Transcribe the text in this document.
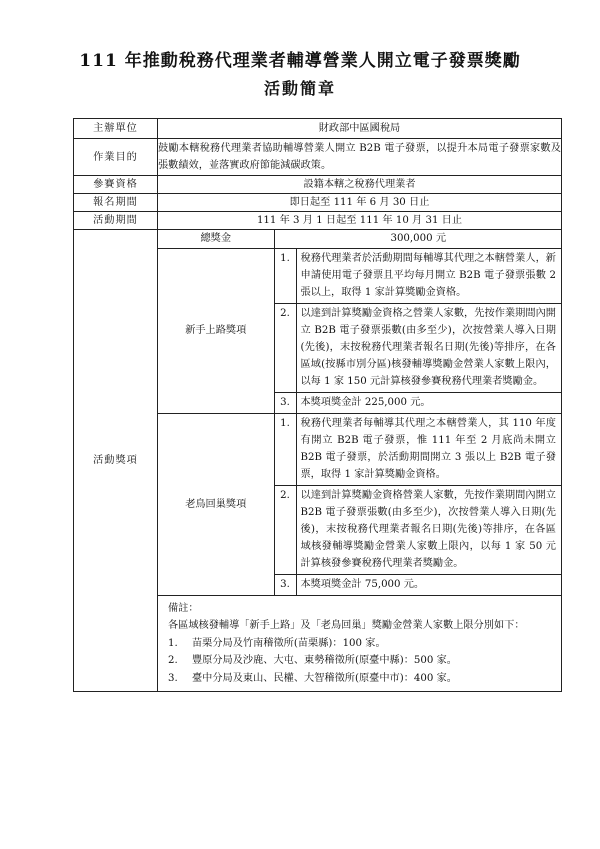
111 年推動稅務代理業者輔導營業人開立電子發票獎勵
活動簡章
主辦單位	財政部中區國稅局
作業目的	鼓勵本轄稅務代理業者協助輔導營業人開立 B2B 電子發票，以提升本局電子發票家數及張數績效，並落實政府節能減碳政策。
參賽資格	設籍本轄之稅務代理業者
報名期間	即日起至 111 年 6 月 30 日止
活動期間	111 年 3 月 1 日起至 111 年 10 月 31 日止
活動獎項	
總獎金	300,000 元
新手上路獎項	1.	稅務代理業者於活動期間每輔導其代理之本轄營業人，新申請使用電子發票且平均每月開立 B2B 電子發票張數 2 張以上，取得 1 家計算獎勵金資格。
2.	以達到計算獎勵金資格之營業人家數，先按作業期間內開立 B2B 電子發票張數(由多至少)，次按營業人導入日期(先後)，末按稅務代理業者報名日期(先後)等排序，在各區域(按縣市別分區)核發輔導獎勵金營業人家數上限內，以每 1 家 150 元計算核發參賽稅務代理業者獎勵金。
3.	本獎項獎金計 225,000 元。
老鳥回巢獎項	1.	稅務代理業者每輔導其代理之本轄營業人，其 110 年度有開立 B2B 電子發票，惟 111 年至 2 月底尚未開立 B2B 電子發票，於活動期間開立 3 張以上 B2B 電子發票，取得 1 家計算獎勵金資格。
2.	以達到計算獎勵金資格營業人家數，先按作業期間內開立 B2B 電子發票張數(由多至少)，次按營業人導入日期(先後)，末按稅務代理業者報名日期(先後)等排序，在各區域核發輔導獎勵金營業人家數上限內，以每 1 家 50 元計算核發參賽稅務代理業者獎勵金。
3.	本獎項獎金計 75,000 元。

備註：
各區域核發輔導「新手上路」及「老鳥回巢」獎勵金營業人家數上限分別如下：
1.	苗栗分局及竹南稽徵所(苗栗縣)：100 家。
2.	豐原分局及沙鹿、大屯、東勢稽徵所(原臺中縣)：500 家。
3.	臺中分局及東山、民權、大智稽徵所(原臺中市)：400 家。
